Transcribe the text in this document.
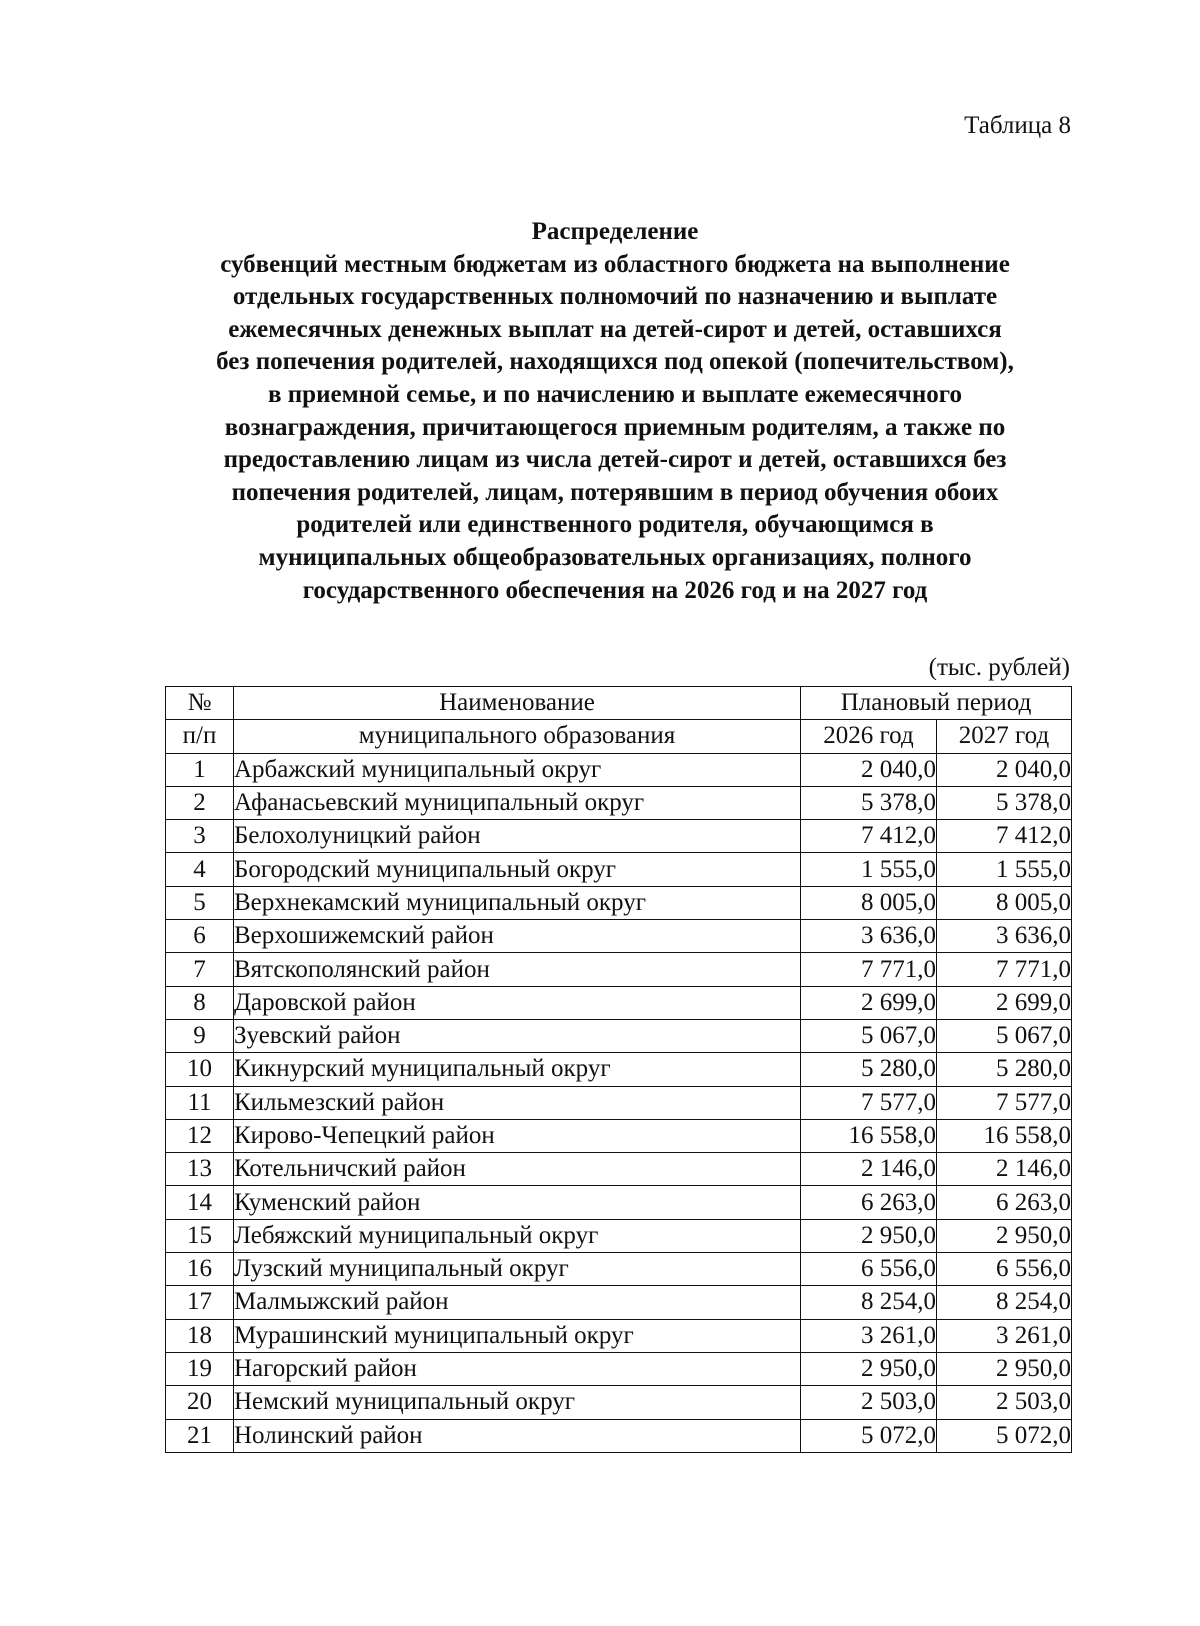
Таблица 8
Распределение
субвенций местным бюджетам из областного бюджета на выполнение
отдельных государственных полномочий по назначению и выплате
ежемесячных денежных выплат на детей-сирот и детей, оставшихся
без попечения родителей, находящихся под опекой (попечительством),
в приемной семье, и по начислению и выплате ежемесячного
вознаграждения, причитающегося приемным родителям, а также по
предоставлению лицам из числа детей-сирот и детей, оставшихся без
попечения родителей, лицам, потерявшим в период обучения обоих
родителей или единственного родителя, обучающимся в
муниципальных общеобразовательных организациях, полного
государственного обеспечения на 2026 год и на 2027 год
(тыс. рублей)
№	Наименование	Плановый период	
п/п	муниципального образования	2026 год	2027 год
1	Арбажский муниципальный округ	2 040,0	2 040,0
2	Афанасьевский муниципальный округ	5 378,0	5 378,0
3	Белохолуницкий район	7 412,0	7 412,0
4	Богородский муниципальный округ	1 555,0	1 555,0
5	Верхнекамский муниципальный округ	8 005,0	8 005,0
6	Верхошижемский район	3 636,0	3 636,0
7	Вятскополянский район	7 771,0	7 771,0
8	Даровской район	2 699,0	2 699,0
9	Зуевский район	5 067,0	5 067,0
10	Кикнурский муниципальный округ	5 280,0	5 280,0
11	Кильмезский район	7 577,0	7 577,0
12	Кирово-Чепецкий район	16 558,0	16 558,0
13	Котельничский район	2 146,0	2 146,0
14	Куменский район	6 263,0	6 263,0
15	Лебяжский муниципальный округ	2 950,0	2 950,0
16	Лузский муниципальный округ	6 556,0	6 556,0
17	Малмыжский район	8 254,0	8 254,0
18	Мурашинский муниципальный округ	3 261,0	3 261,0
19	Нагорский район	2 950,0	2 950,0
20	Немский муниципальный округ	2 503,0	2 503,0
21	Нолинский район	5 072,0	5 072,0
